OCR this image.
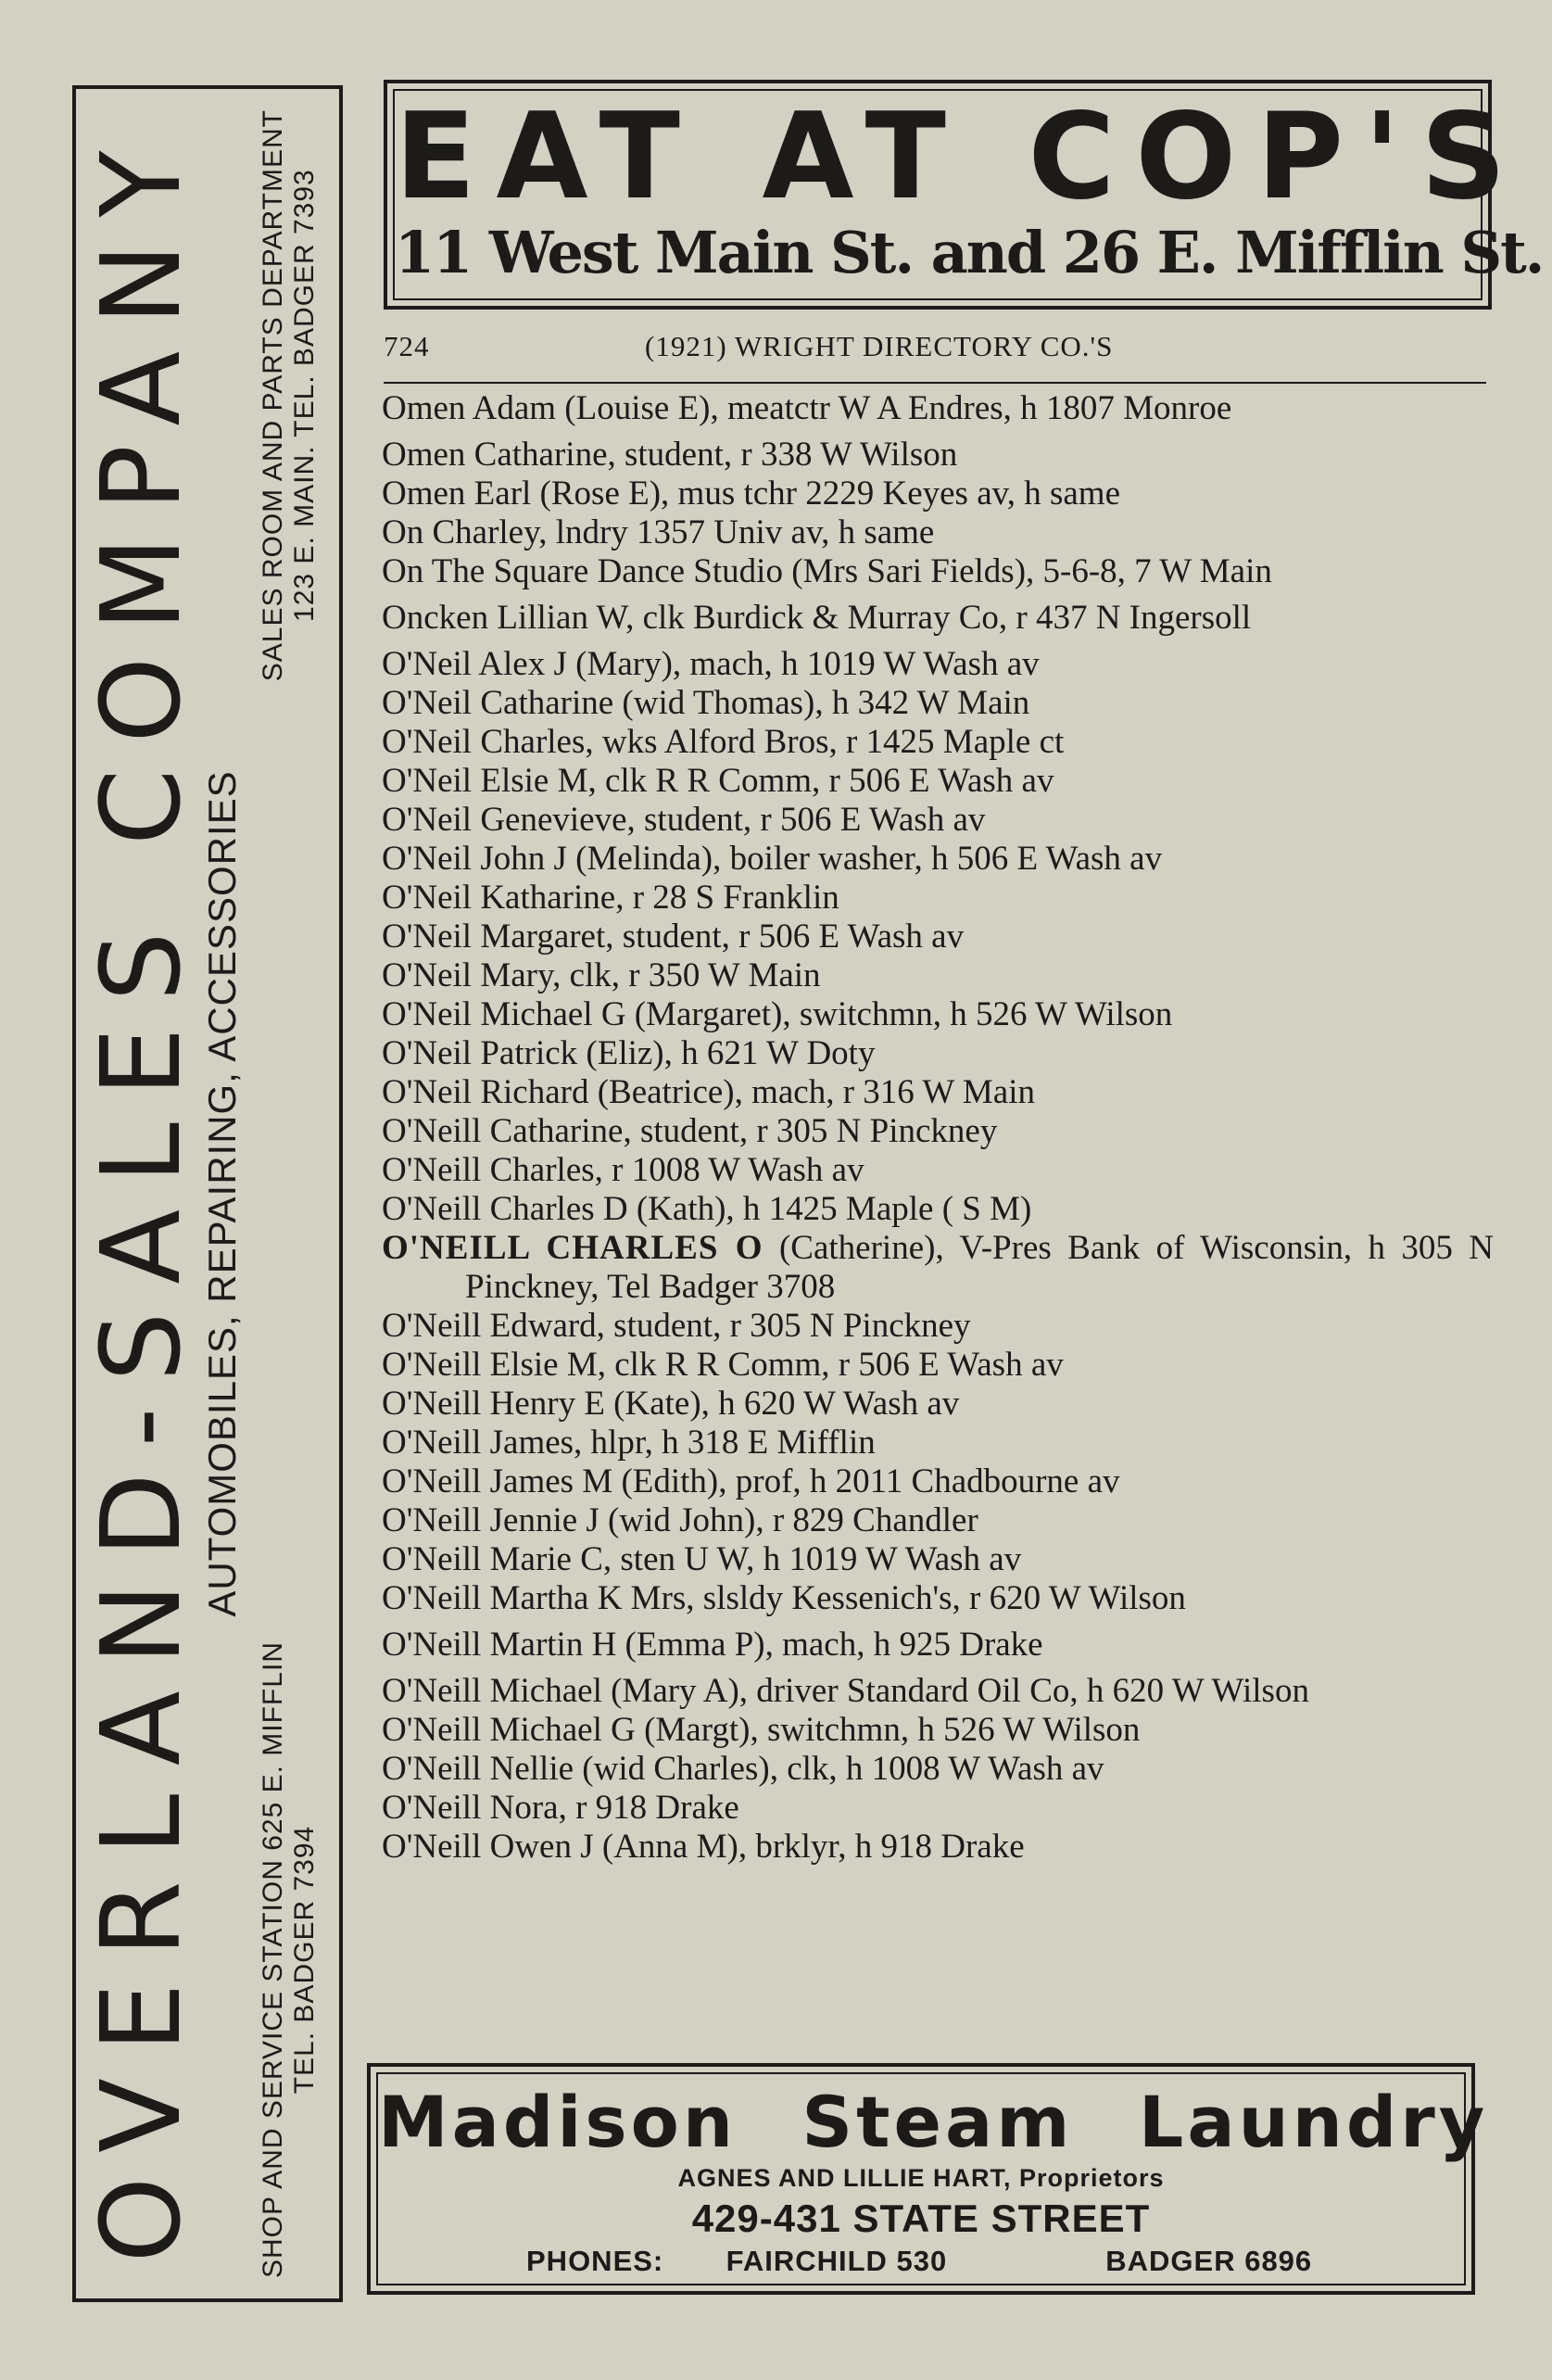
OVERLAND-SALES COMPANY
AUTOMOBILES, REPAIRING, ACCESSORIES
SHOP AND SERVICE STATION 625 E. MIFFLIN TEL. BADGER 7394
SALES ROOM AND PARTS DEPARTMENT 123 E. MAIN. TEL. BADGER 7393
EAT AT COP'S
11 West Main St. and 26 E. Mifflin St.
724	(1921) WRIGHT DIRECTORY CO.'S

Omen Adam (Louise E), meatctr W A Endres, h 1807 Monroe

Omen Catharine, student, r 338 W Wilson

Omen Earl (Rose E), mus tchr 2229 Keyes av, h same

On Charley, lndry 1357 Univ av, h same

On The Square Dance Studio (Mrs Sari Fields), 5-6-8, 7 W Main

Oncken Lillian W, clk Burdick & Murray Co, r 437 N Ingersoll

O'Neil Alex J (Mary), mach, h 1019 W Wash av

O'Neil Catharine (wid Thomas), h 342 W Main

O'Neil Charles, wks Alford Bros, r 1425 Maple ct

O'Neil Elsie M, clk R R Comm, r 506 E Wash av

O'Neil Genevieve, student, r 506 E Wash av

O'Neil John J (Melinda), boiler washer, h 506 E Wash av

O'Neil Katharine, r 28 S Franklin

O'Neil Margaret, student, r 506 E Wash av

O'Neil Mary, clk, r 350 W Main

O'Neil Michael G (Margaret), switchmn, h 526 W Wilson

O'Neil Patrick (Eliz), h 621 W Doty

O'Neil Richard (Beatrice), mach, r 316 W Main

O'Neill Catharine, student, r 305 N Pinckney

O'Neill Charles, r 1008 W Wash av

O'Neill Charles D (Kath), h 1425 Maple ( S M)

O'NEILL CHARLES O (Catherine), V-Pres Bank of Wisconsin, h 305 N Pinckney, Tel Badger 3708

O'Neill Edward, student, r 305 N Pinckney

O'Neill Elsie M, clk R R Comm, r 506 E Wash av

O'Neill Henry E (Kate), h 620 W Wash av

O'Neill James, hlpr, h 318 E Mifflin

O'Neill James M (Edith), prof, h 2011 Chadbourne av

O'Neill Jennie J (wid John), r 829 Chandler

O'Neill Marie C, sten U W, h 1019 W Wash av

O'Neill Martha K Mrs, slsldy Kessenich's, r 620 W Wilson

O'Neill Martin H (Emma P), mach, h 925 Drake

O'Neill Michael (Mary A), driver Standard Oil Co, h 620 W Wilson

O'Neill Michael G (Margt), switchmn, h 526 W Wilson

O'Neill Nellie (wid Charles), clk, h 1008 W Wash av

O'Neill Nora, r 918 Drake

O'Neill Owen J (Anna M), brklyr, h 918 Drake

Madison Steam Laundry
AGNES AND LILLIE HART, Proprietors
429-431 STATE STREET
PHONES: FAIRCHILD 530	BADGER 6896
